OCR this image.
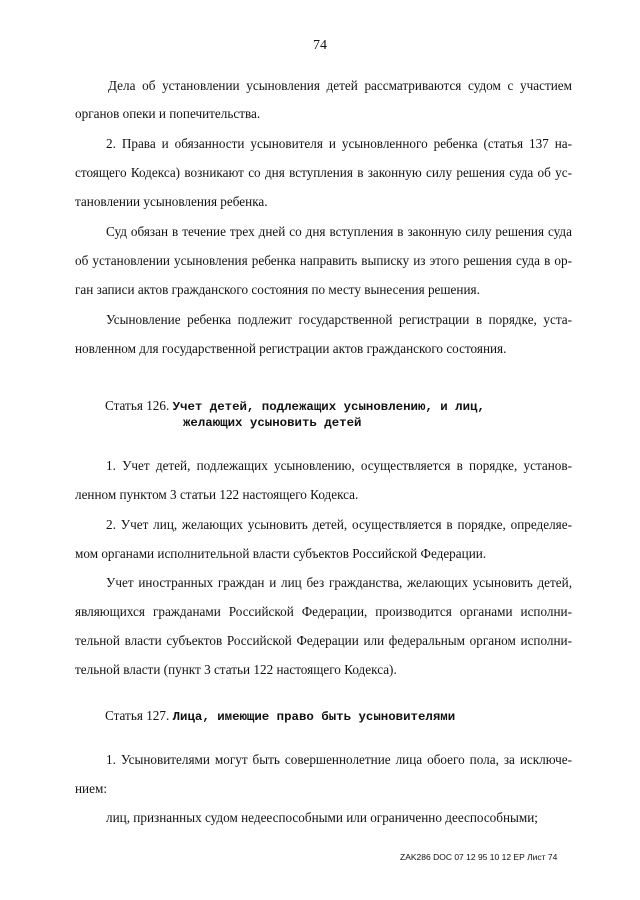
74
Дела об установлении усыновления детей рассматриваются судом с участием
органов опеки и попечительства.
2. Права и обязанности усыновителя и усыновленного ребенка (статья 137 на-
стоящего Кодекса) возникают со дня вступления в законную силу решения суда об ус-
тановлении усыновления ребенка.
Суд обязан в течение трех дней со дня вступления в законную силу решения суда
об установлении усыновления ребенка направить выписку из этого решения суда в ор-
ган записи актов гражданского состояния по месту вынесения решения.
Усыновление ребенка подлежит государственной регистрации в порядке, уста-
новленном для государственной регистрации актов гражданского состояния.
Статья 126. Учет детей, подлежащих усыновлению, и лиц,
желающих усыновить детей
1. Учет детей, подлежащих усыновлению, осуществляется в порядке, установ-
ленном пунктом 3 статьи 122 настоящего Кодекса.
2. Учет лиц, желающих усыновить детей, осуществляется в порядке, определяе-
мом органами исполнительной власти субъектов Российской Федерации.
Учет иностранных граждан и лиц без гражданства, желающих усыновить детей,
являющихся гражданами Российской Федерации, производится органами исполни-
тельной власти субъектов Российской Федерации или федеральным органом исполни-
тельной власти (пункт 3 статьи 122 настоящего Кодекса).
Статья 127. Лица, имеющие право быть усыновителями
1. Усыновителями могут быть совершеннолетние лица обоего пола, за исключе-
нием:
лиц, признанных судом недееспособными или ограниченно дееспособными;
ZAK286 DOC 07 12 95 10 12 ЕР Лист 74
